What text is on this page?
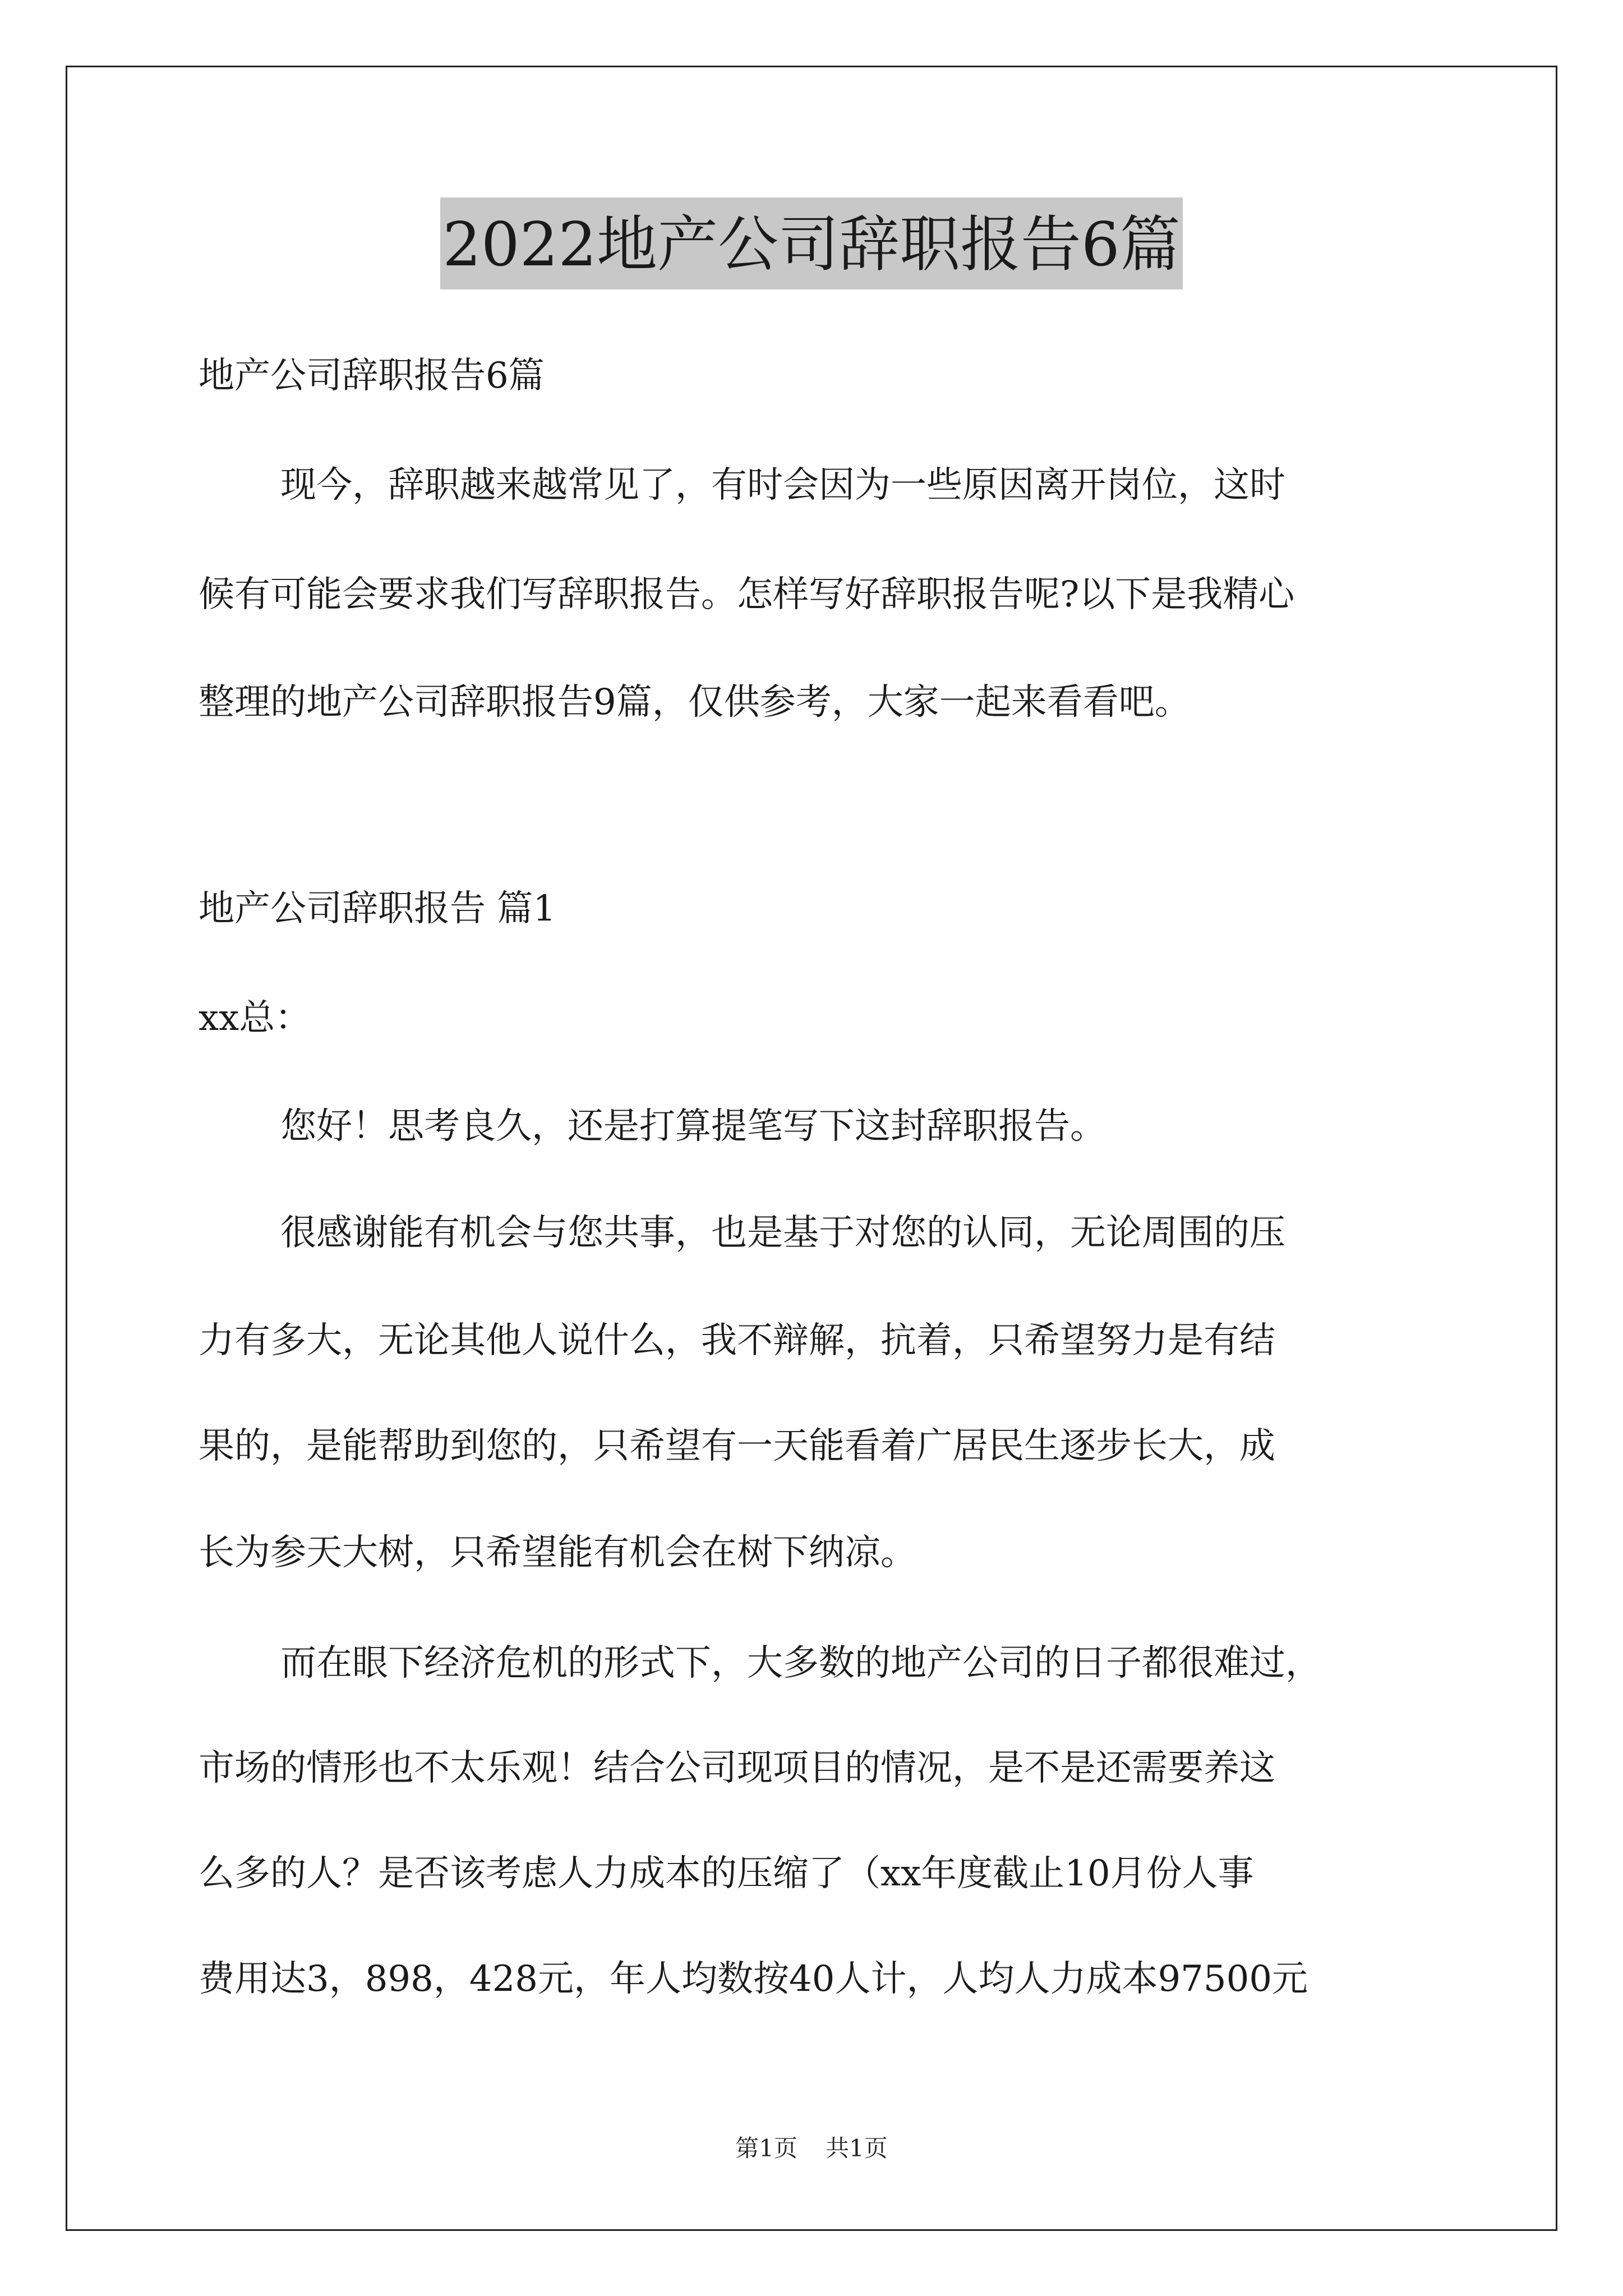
2022地产公司辞职报告6篇
地产公司辞职报告6篇
现今，辞职越来越常见了，有时会因为一些原因离开岗位，这时
候有可能会要求我们写辞职报告。怎样写好辞职报告呢?以下是我精心
整理的地产公司辞职报告9篇，仅供参考，大家一起来看看吧。
地产公司辞职报告 篇1
xx总：
您好！思考良久，还是打算提笔写下这封辞职报告。
很感谢能有机会与您共事，也是基于对您的认同，无论周围的压
力有多大，无论其他人说什么，我不辩解，抗着，只希望努力是有结
果的，是能帮助到您的，只希望有一天能看着广居民生逐步长大，成
长为参天大树，只希望能有机会在树下纳凉。
而在眼下经济危机的形式下，大多数的地产公司的日子都很难过，
市场的情形也不太乐观！结合公司现项目的情况，是不是还需要养这
么多的人？是否该考虑人力成本的压缩了（xx年度截止10月份人事
费用达3，898，428元，年人均数按40人计，人均人力成本97500元
第1页 共1页
